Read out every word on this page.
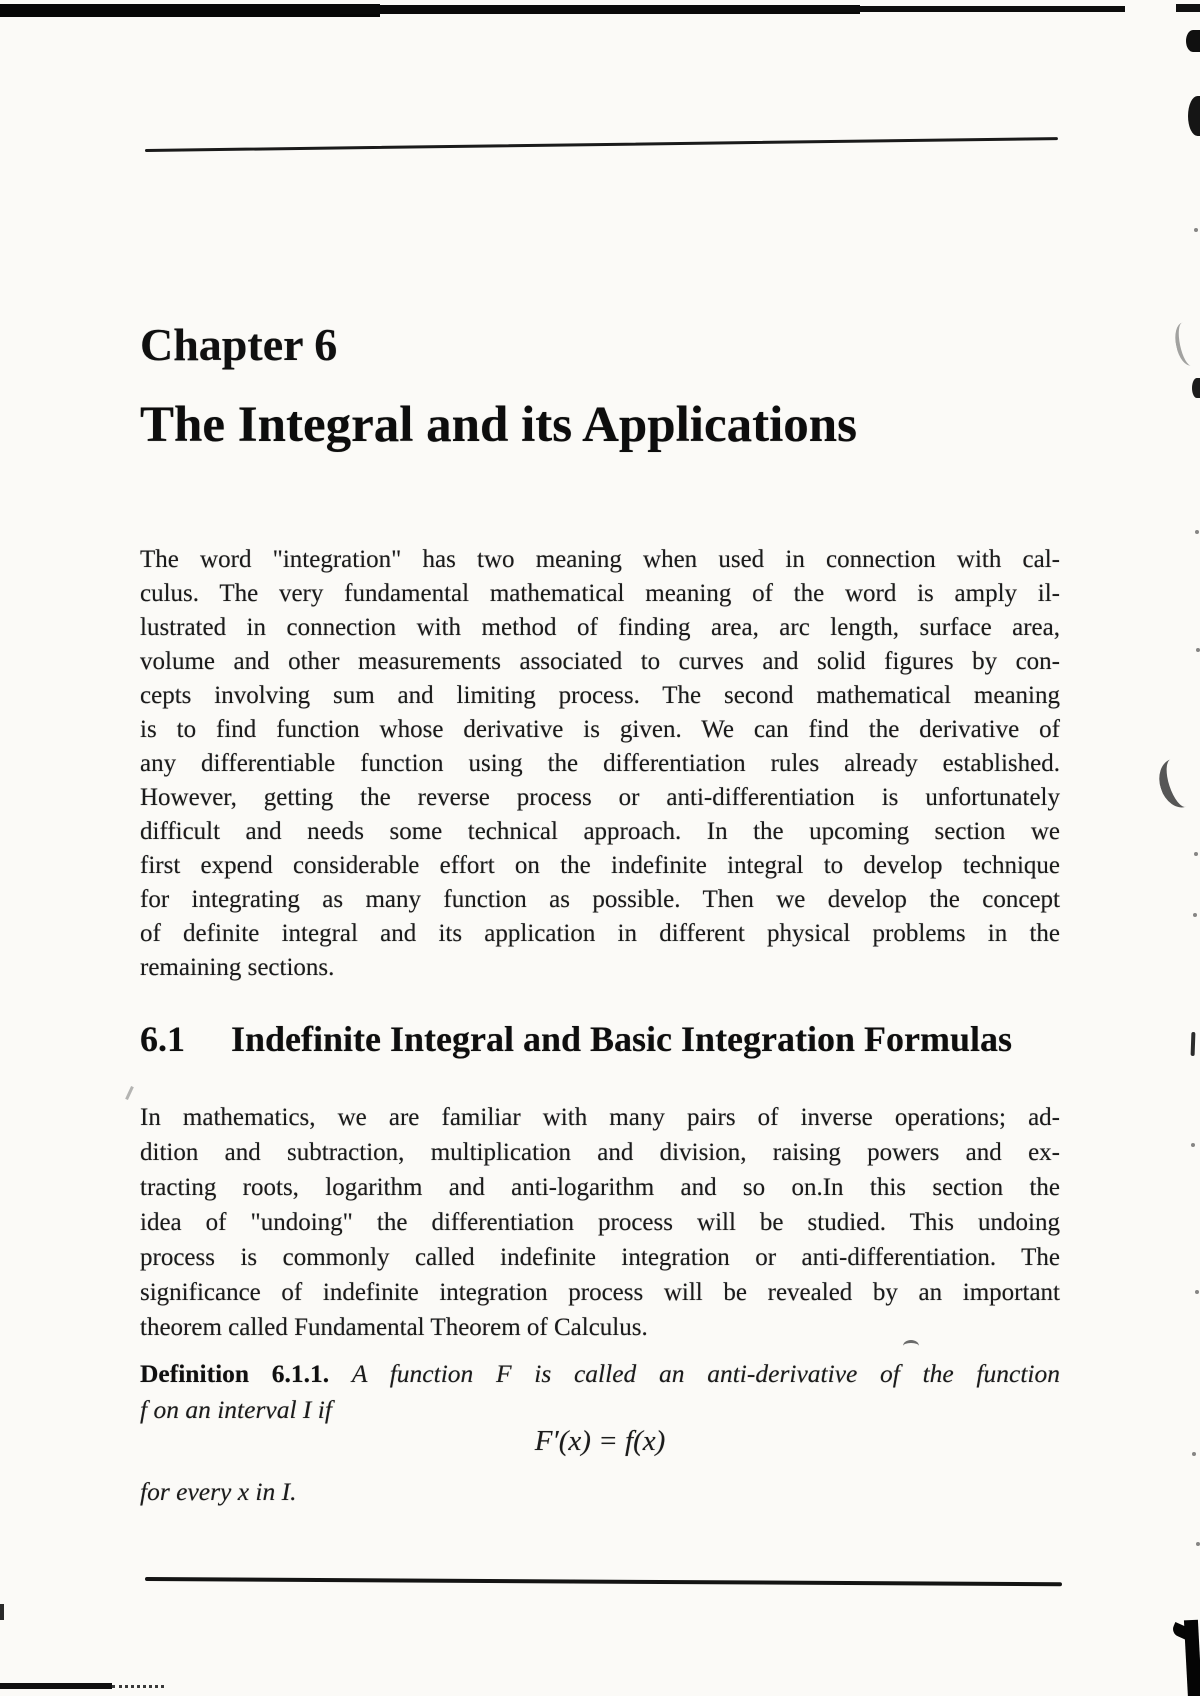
Chapter 6
The Integral and its Applications
The word "integration" has two meaning when used in connection with cal-
culus. The very fundamental mathematical meaning of the word is amply il-
lustrated in connection with method of finding area, arc length, surface area,
volume and other measurements associated to curves and solid figures by con-
cepts involving sum and limiting process. The second mathematical meaning
is to find function whose derivative is given. We can find the derivative of
any differentiable function using the differentiation rules already established.
However, getting the reverse process or anti-differentiation is unfortunately
difficult and needs some technical approach. In the upcoming section we
first expend considerable effort on the indefinite integral to develop technique
for integrating as many function as possible. Then we develop the concept
of definite integral and its application in different physical problems in the
remaining sections.
6.1 Indefinite Integral and Basic Integration Formulas
In mathematics, we are familiar with many pairs of inverse operations; ad-
dition and subtraction, multiplication and division, raising powers and ex-
tracting roots, logarithm and anti-logarithm and so on.In this section the
idea of "undoing" the differentiation process will be studied. This undoing
process is commonly called indefinite integration or anti-differentiation. The
significance of indefinite integration process will be revealed by an important
theorem called Fundamental Theorem of Calculus.
Definition 6.1.1. A function F is called an anti-derivative of the function
f on an interval I if
F′(x) = f(x)
for every x in I.
